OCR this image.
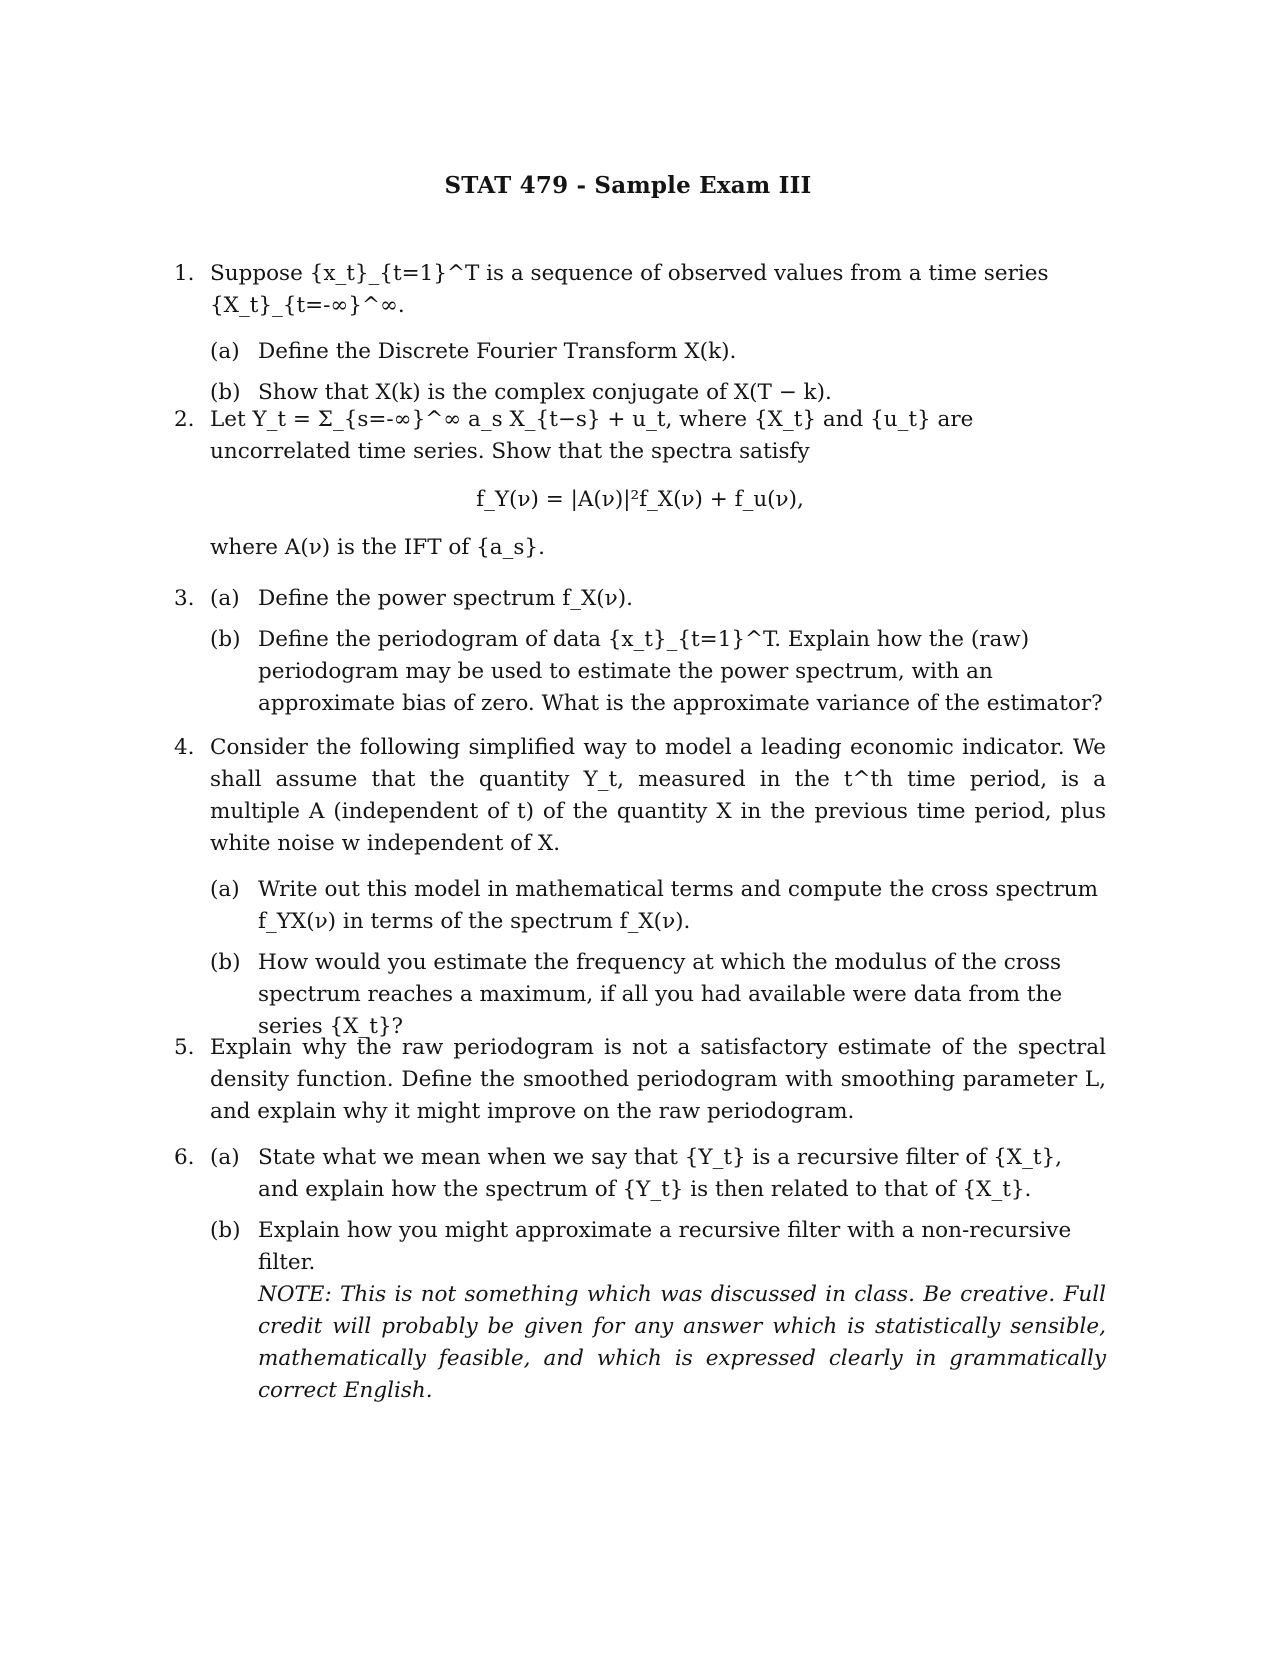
STAT 479 - Sample Exam III
1. Suppose {x_t}_{t=1}^T is a sequence of observed values from a time series {X_t}_{t=-∞}^∞.
(a) Define the Discrete Fourier Transform X(k).
(b) Show that X(k) is the complex conjugate of X(T − k).
2. Let Y_t = Σ_{s=-∞}^∞ a_s X_{t−s} + u_t, where {X_t} and {u_t} are uncorrelated time series. Show that the spectra satisfy
f_Y(ν) = |A(ν)|²f_X(ν) + f_u(ν),
where A(ν) is the IFT of {a_s}.
3. (a) Define the power spectrum f_X(ν).
(b) Define the periodogram of data {x_t}_{t=1}^T. Explain how the (raw) periodogram may be used to estimate the power spectrum, with an approximate bias of zero. What is the approximate variance of the estimator?
4. Consider the following simplified way to model a leading economic indicator. We shall assume that the quantity Y_t, measured in the t^th time period, is a multiple A (independent of t) of the quantity X in the previous time period, plus white noise w independent of X.
(a) Write out this model in mathematical terms and compute the cross spectrum f_YX(ν) in terms of the spectrum f_X(ν).
(b) How would you estimate the frequency at which the modulus of the cross spectrum reaches a maximum, if all you had available were data from the series {X_t}?
5. Explain why the raw periodogram is not a satisfactory estimate of the spectral density function. Define the smoothed periodogram with smoothing parameter L, and explain why it might improve on the raw periodogram.
6. (a) State what we mean when we say that {Y_t} is a recursive filter of {X_t}, and explain how the spectrum of {Y_t} is then related to that of {X_t}.
(b) Explain how you might approximate a recursive filter with a non-recursive filter.
NOTE: This is not something which was discussed in class. Be creative. Full credit will probably be given for any answer which is statistically sensible, mathematically feasible, and which is expressed clearly in grammatically correct English.
